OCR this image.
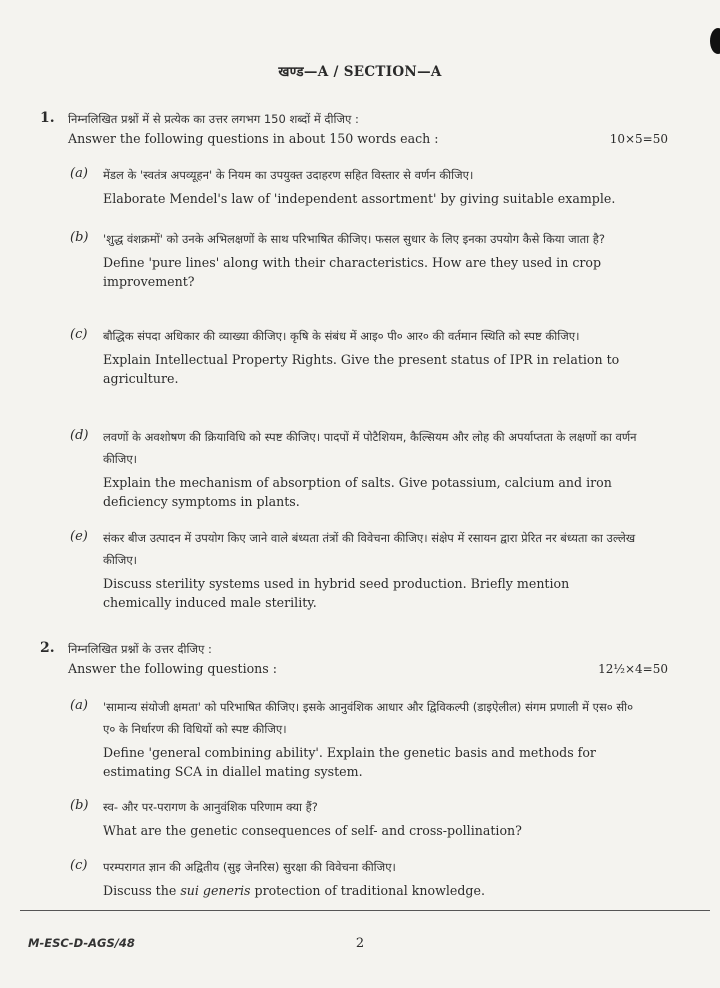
खण्ड—A / SECTION—A
1. निम्नलिखित प्रश्नों में से प्रत्येक का उत्तर लगभग 150 शब्दों में दीजिए :
Answer the following questions in about 150 words each :	10×5=50
(a) मेंडल के 'स्वतंत्र अपव्यूहन' के नियम का उपयुक्त उदाहरण सहित विस्तार से वर्णन कीजिए।
Elaborate Mendel's law of 'independent assortment' by giving suitable example.
(b) 'शुद्ध वंशक्रमों' को उनके अभिलक्षणों के साथ परिभाषित कीजिए। फसल सुधार के लिए इनका उपयोग कैसे किया जाता है?
Define 'pure lines' along with their characteristics. How are they used in crop improvement?
(c) बौद्धिक संपदा अधिकार की व्याख्या कीजिए। कृषि के संबंध में आइ० पी० आर० की वर्तमान स्थिति को स्पष्ट कीजिए।
Explain Intellectual Property Rights. Give the present status of IPR in relation to agriculture.
(d) लवणों के अवशोषण की क्रियाविधि को स्पष्ट कीजिए। पादपों में पोटैशियम, कैल्सियम और लोह की अपर्याप्तता के लक्षणों का वर्णन कीजिए।
Explain the mechanism of absorption of salts. Give potassium, calcium and iron deficiency symptoms in plants.
(e) संकर बीज उत्पादन में उपयोग किए जाने वाले बंध्यता तंत्रों की विवेचना कीजिए। संक्षेप में रसायन द्वारा प्रेरित नर बंध्यता का उल्लेख कीजिए।
Discuss sterility systems used in hybrid seed production. Briefly mention chemically induced male sterility.
2. निम्नलिखित प्रश्नों के उत्तर दीजिए :
Answer the following questions :	12½×4=50
(a) 'सामान्य संयोजी क्षमता' को परिभाषित कीजिए। इसके आनुवंशिक आधार और द्विविकल्पी (डाइऐलील) संगम प्रणाली में एस० सी० ए० के निर्धारण की विधियों को स्पष्ट कीजिए।
Define 'general combining ability'. Explain the genetic basis and methods for estimating SCA in diallel mating system.
(b) स्व- और पर-परागण के आनुवंशिक परिणाम क्या हैं?
What are the genetic consequences of self- and cross-pollination?
(c) परम्परागत ज्ञान की अद्वितीय (सुइ जेनरिस) सुरक्षा की विवेचना कीजिए।
Discuss the sui generis protection of traditional knowledge.
M-ESC-D-AGS/48	2
